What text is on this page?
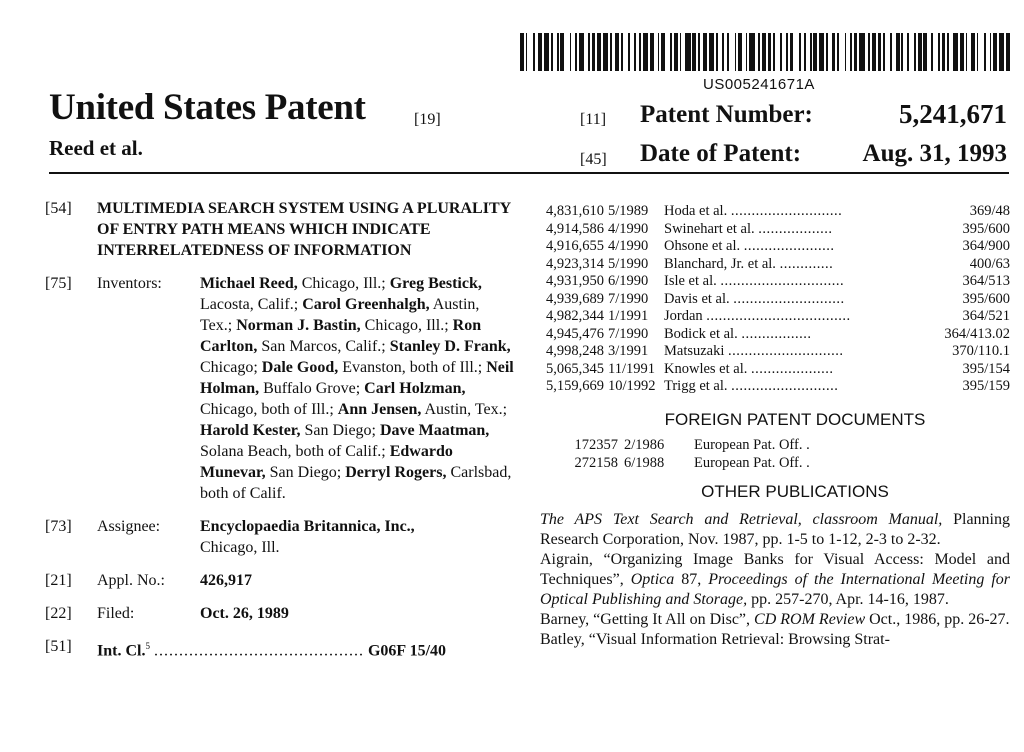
US005241671A
United States Patent	[19]
Reed et al.
[11] Patent Number:	5,241,671
[45] Date of Patent: Aug. 31, 1993
[54] MULTIMEDIA SEARCH SYSTEM USING A PLURALITY OF ENTRY PATH MEANS WHICH INDICATE INTERRELATEDNESS OF INFORMATION
[75] Inventors: Michael Reed, Chicago, Ill.; Greg Bestick, Lacosta, Calif.; Carol Greenhalgh, Austin, Tex.; Norman J. Bastin, Chicago, Ill.; Ron Carlton, San Marcos, Calif.; Stanley D. Frank, Chicago; Dale Good, Evanston, both of Ill.; Neil Holman, Buffalo Grove; Carl Holzman, Chicago, both of Ill.; Ann Jensen, Austin, Tex.; Harold Kester, San Diego; Dave Maatman, Solana Beach, both of Calif.; Edwardo Munevar, San Diego; Derryl Rogers, Carlsbad, both of Calif.
[73] Assignee: Encyclopaedia Britannica, Inc.,
Chicago, Ill.
[21] Appl. No.: 426,917
[22] Filed:	Oct. 26, 1989
[51] Int. Cl.$^5$ .......................................... G06F 15/40
4,831,610 5/1989	Hoda et al. ...........................	369/48
4,914,586 4/1990	Swinehart et al. ..................	395/600
4,916,655 4/1990	Ohsone et al. ......................	364/900
4,923,314 5/1990	Blanchard, Jr. et al. .............	400/63
4,931,950 6/1990	Isle et al. ..............................	364/513
4,939,689 7/1990	Davis et al. ...........................	395/600
4,982,344 1/1991	Jordan ...................................	364/521
4,945,476 7/1990	Bodick et al. .................	364/413.02
4,998,248 3/1991	Matsuzaki ............................	370/110.1
5,065,345 11/1991 Knowles et al. ....................	395/154
5,159,669 10/1992 Trigg et al. ..........................	395/159
FOREIGN PATENT DOCUMENTS
172357 2/1986	European Pat. Off. .
272158 6/1988	European Pat. Off. .
OTHER PUBLICATIONS

The APS Text Search and Retrieval, classroom Manual, Planning Research Corporation, Nov. 1987, pp. 1-5 to 1-12, 2-3 to 2-32.

Aigrain, “Organizing Image Banks for Visual Access: Model and Techniques”, Optica 87, Proceedings of the International Meeting for Optical Publishing and Storage, pp. 257-270, Apr. 14-16, 1987.

Barney, “Getting It All on Disc”, CD ROM Review Oct., 1986, pp. 26-27.

Batley, “Visual Information Retrieval: Browsing Strat-
